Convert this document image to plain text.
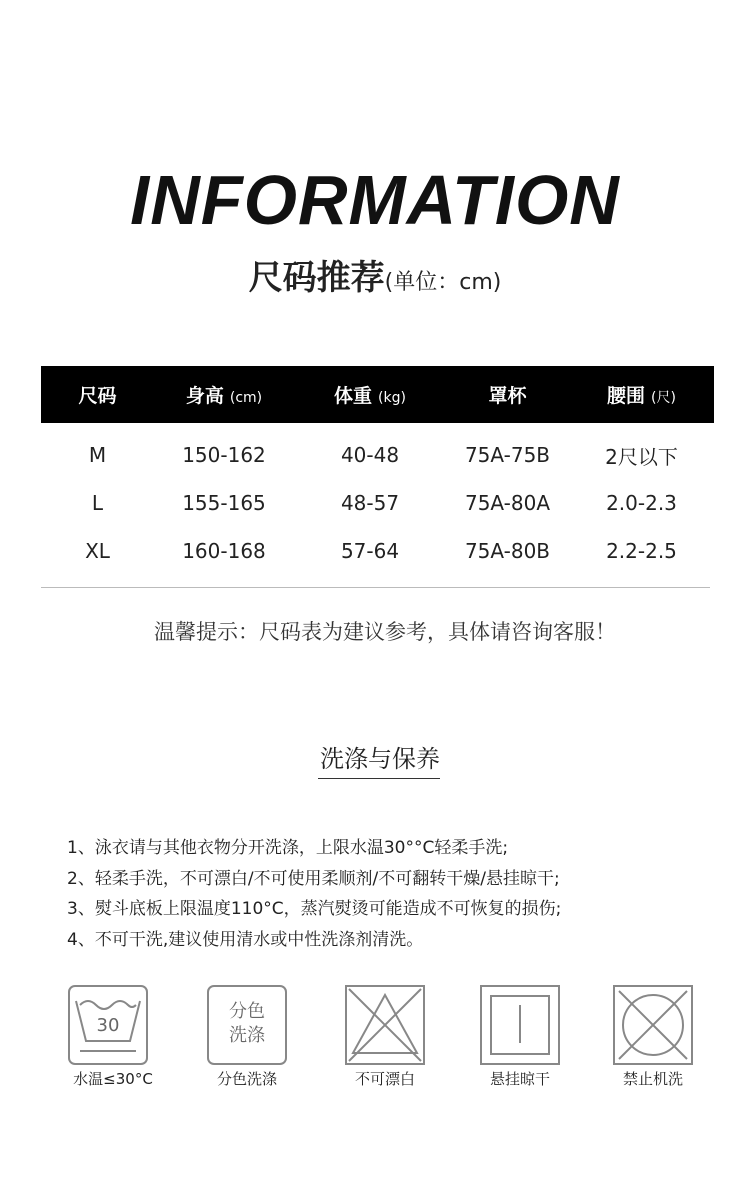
INFORMATION
尺码推荐(单位：cm)
尺码	身高 (cm)	体重 (kg)	罩杯	腰围 (尺)
M	150-162	40-48	75A-75B	2尺以下
L	155-165	48-57	75A-80A	2.0-2.3
XL	160-168	57-64	75A-80B	2.2-2.5
温馨提示：尺码表为建议参考，具体请咨询客服！
洗涤与保养
1、泳衣请与其他衣物分开洗涤，上限水温30°°C轻柔手洗;
2、轻柔手洗，不可漂白/不可使用柔顺剂/不可翻转干燥/悬挂晾干;
3、熨斗底板上限温度110°C，蒸汽熨烫可能造成不可恢复的损伤;
4、不可干洗,建议使用清水或中性洗涤剂清洗。
30
水温≤30°C
分色
洗涤
分色洗涤	不可漂白	悬挂晾干	禁止机洗
